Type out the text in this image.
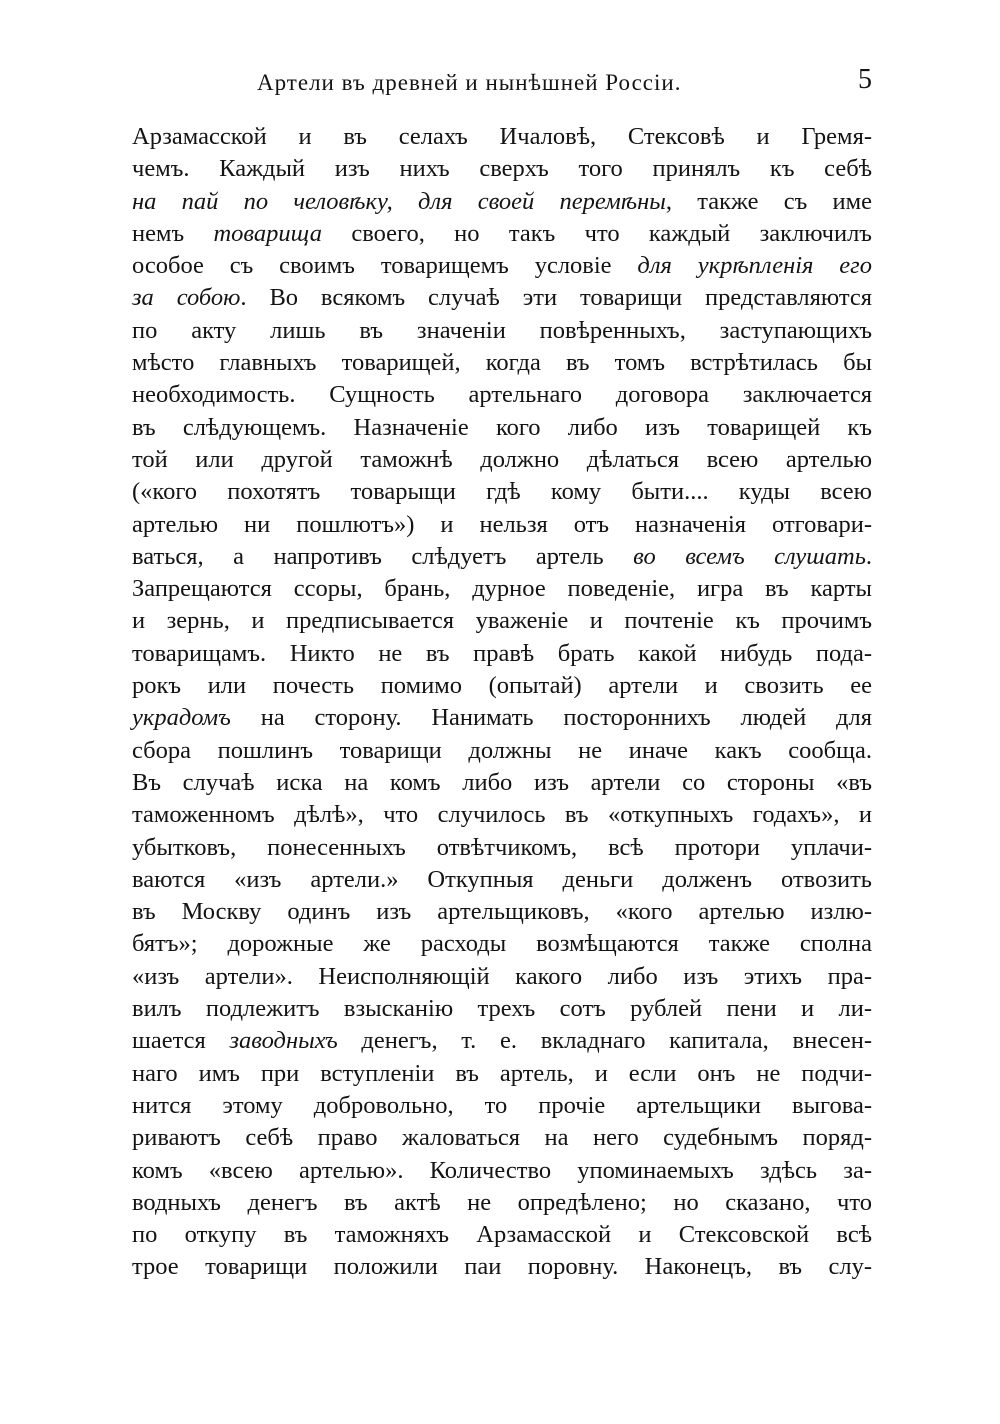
Артели въ древней и нынѣшней Россіи.	5
Арзамасской и въ селахъ Ичаловѣ, Стексовѣ и Гремя-
чемъ. Каждый изъ нихъ сверхъ того принялъ къ себѣ
на пай по человѣку, для своей перемѣны, также съ име
немъ товарища своего, но такъ что каждый заключилъ
особое съ своимъ товарищемъ условіе для укрѣпленія его
за собою. Во всякомъ случаѣ эти товарищи представляются
по акту лишь въ значеніи повѣренныхъ, заступающихъ
мѣсто главныхъ товарищей, когда въ томъ встрѣтилась бы
необходимость. Сущность артельнаго договора заключается
въ слѣдующемъ. Назначеніе кого либо изъ товарищей къ
той или другой таможнѣ должно дѣлаться всею артелью
(«кого похотятъ товарыщи гдѣ кому быти.... куды всею
артелью ни пошлютъ») и нельзя отъ назначенія отговари-
ваться, а напротивъ слѣдуетъ артель во всемъ слушать.
Запрещаются ссоры, брань, дурное поведеніе, игра въ карты
и зернь, и предписывается уваженіе и почтеніе къ прочимъ
товарищамъ. Никто не въ правѣ брать какой нибудь пода-
рокъ или почесть помимо (опытай) артели и свозить ее
украдомъ на сторону. Нанимать постороннихъ людей для
сбора пошлинъ товарищи должны не иначе какъ сообща.
Въ случаѣ иска на комъ либо изъ артели со стороны «въ
таможенномъ дѣлѣ», что случилось въ «откупныхъ годахъ», и
убытковъ, понесенныхъ отвѣтчикомъ, всѣ протори уплачи-
ваются «изъ артели.» Откупныя деньги долженъ отвозить
въ Москву одинъ изъ артельщиковъ, «кого артелью излю-
бятъ»; дорожные же расходы возмѣщаются также сполна
«изъ артели». Неисполняющій какого либо изъ этихъ пра-
вилъ подлежитъ взысканію трехъ сотъ рублей пени и ли-
шается заводныхъ денегъ, т. е. вкладнаго капитала, внесен-
наго имъ при вступленіи въ артель, и если онъ не подчи-
нится этому добровольно, то прочіе артельщики выгова-
риваютъ себѣ право жаловаться на него судебнымъ поряд-
комъ «всею артелью». Количество упоминаемыхъ здѣсь за-
водныхъ денегъ въ актѣ не опредѣлено; но сказано, что
по откупу въ таможняхъ Арзамасской и Стексовской всѣ
трое товарищи положили паи поровну. Наконецъ, въ слу-
